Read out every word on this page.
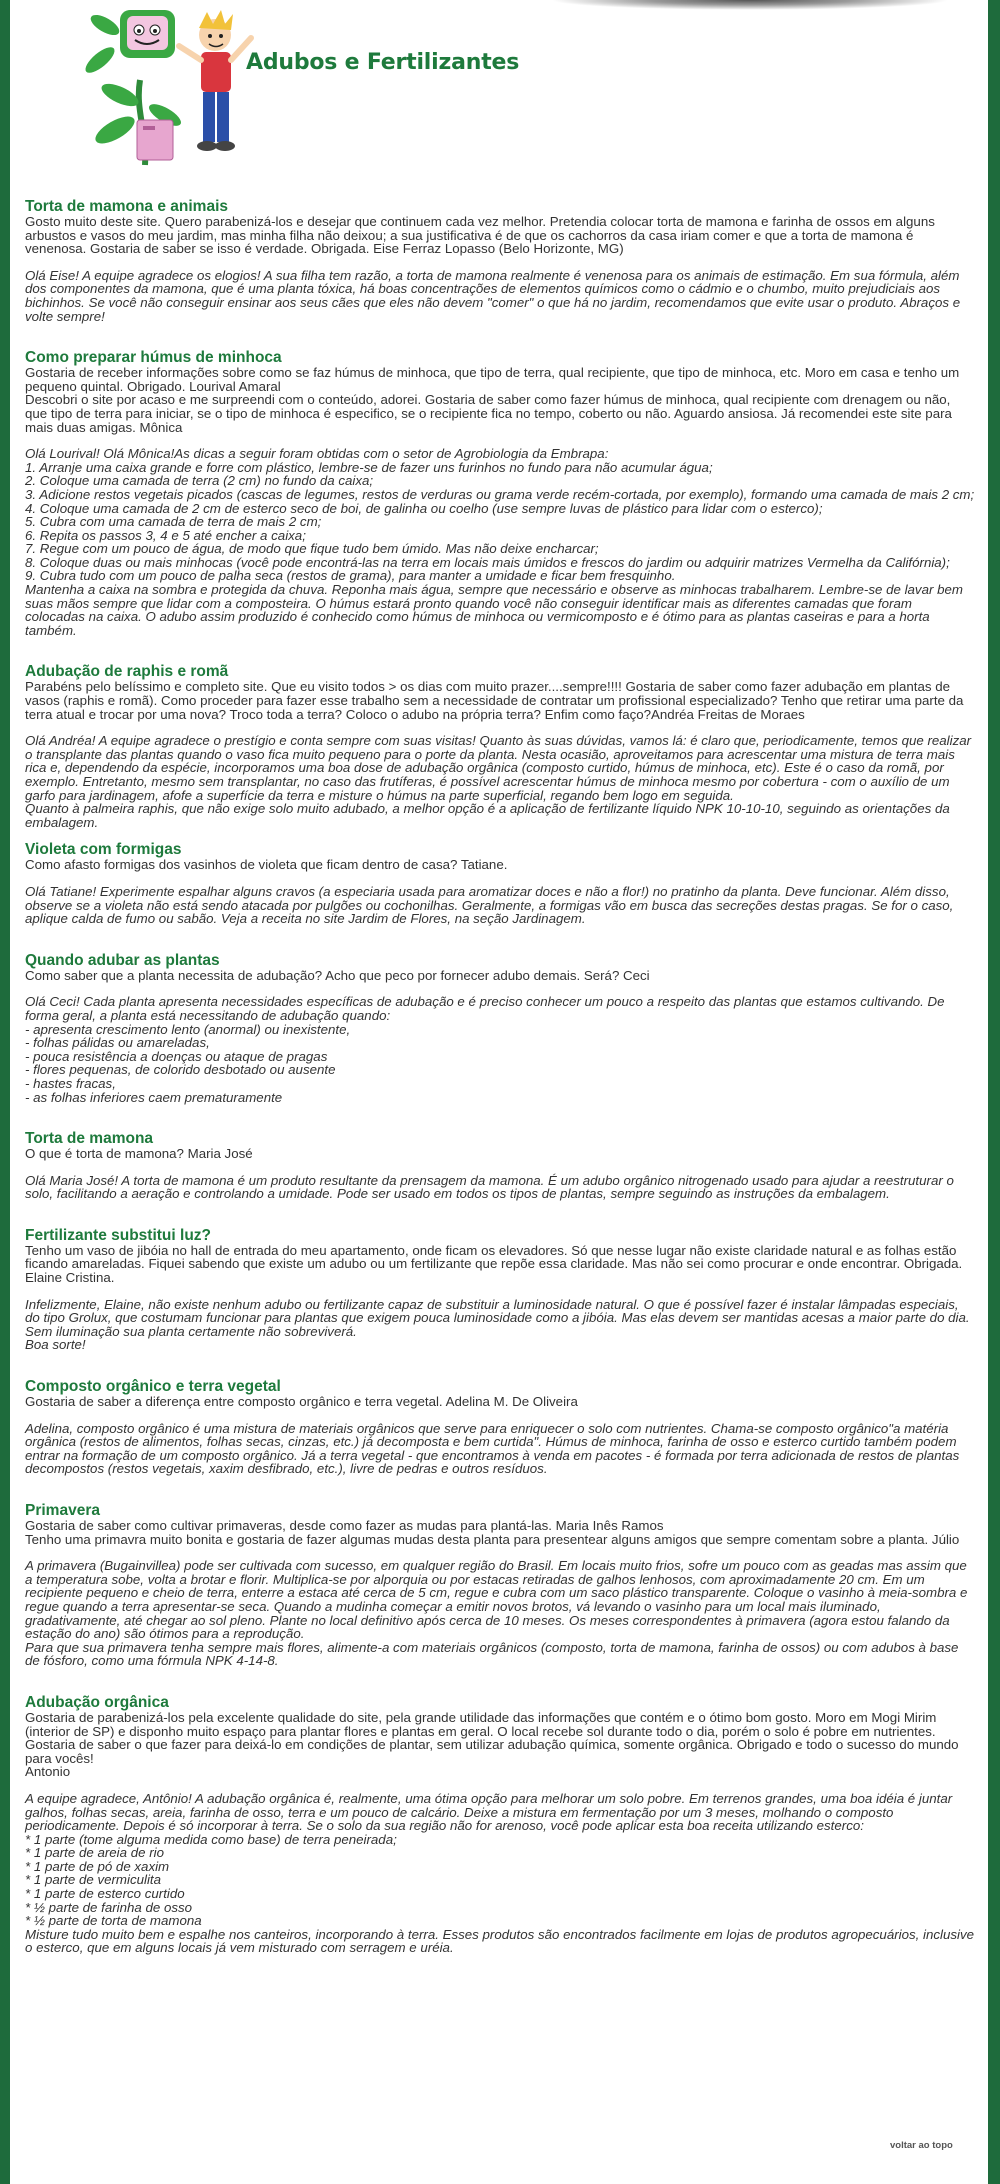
Adubos e Fertilizantes
Torta de mamona e animais

Gosto muito deste site. Quero parabenizá-los e desejar que continuem cada vez melhor. Pretendia colocar torta de mamona e farinha de ossos em alguns arbustos e vasos do meu jardim, mas minha filha não deixou; a sua justificativa é de que os cachorros da casa iriam comer e que a torta de mamona é venenosa. Gostaria de saber se isso é verdade. Obrigada. Eise Ferraz Lopasso (Belo Horizonte, MG)

Olá Eise! A equipe agradece os elogios! A sua filha tem razão, a torta de mamona realmente é venenosa para os animais de estimação. Em sua fórmula, além dos componentes da mamona, que é uma planta tóxica, há boas concentrações de elementos químicos como o cádmio e o chumbo, muito prejudiciais aos bichinhos. Se você não conseguir ensinar aos seus cães que eles não devem "comer" o que há no jardim, recomendamos que evite usar o produto. Abraços e volte sempre!

Como preparar húmus de minhoca

Gostaria de receber informações sobre como se faz húmus de minhoca, que tipo de terra, qual recipiente, que tipo de minhoca, etc. Moro em casa e tenho um pequeno quintal. Obrigado. Lourival Amaral
Descobri o site por acaso e me surpreendi com o conteúdo, adorei. Gostaria de saber como fazer húmus de minhoca, qual recipiente com drenagem ou não, que tipo de terra para iniciar, se o tipo de minhoca é especifico, se o recipiente fica no tempo, coberto ou não. Aguardo ansiosa. Já recomendei este site para mais duas amigas. Mônica

Olá Lourival! Olá Mônica!As dicas a seguir foram obtidas com o setor de Agrobiologia da Embrapa:
1. Arranje uma caixa grande e forre com plástico, lembre-se de fazer uns furinhos no fundo para não acumular água;
2. Coloque uma camada de terra (2 cm) no fundo da caixa;
3. Adicione restos vegetais picados (cascas de legumes, restos de verduras ou grama verde recém-cortada, por exemplo), formando uma camada de mais 2 cm;
4. Coloque uma camada de 2 cm de esterco seco de boi, de galinha ou coelho (use sempre luvas de plástico para lidar com o esterco);
5. Cubra com uma camada de terra de mais 2 cm;
6. Repita os passos 3, 4 e 5 até encher a caixa;
7. Regue com um pouco de água, de modo que fique tudo bem úmido. Mas não deixe encharcar;
8. Coloque duas ou mais minhocas (você pode encontrá-las na terra em locais mais úmidos e frescos do jardim ou adquirir matrizes Vermelha da Califórnia);
9. Cubra tudo com um pouco de palha seca (restos de grama), para manter a umidade e ficar bem fresquinho.
Mantenha a caixa na sombra e protegida da chuva. Reponha mais água, sempre que necessário e observe as minhocas trabalharem. Lembre-se de lavar bem suas mãos sempre que lidar com a composteira. O húmus estará pronto quando você não conseguir identificar mais as diferentes camadas que foram colocadas na caixa. O adubo assim produzido é conhecido como húmus de minhoca ou vermicomposto e é ótimo para as plantas caseiras e para a horta também.

Adubação de raphis e romã

Parabéns pelo belíssimo e completo site. Que eu visito todos > os dias com muito prazer....sempre!!!! Gostaria de saber como fazer adubação em plantas de vasos (raphis e romã). Como proceder para fazer esse trabalho sem a necessidade de contratar um profissional especializado? Tenho que retirar uma parte da terra atual e trocar por uma nova? Troco toda a terra? Coloco o adubo na própria terra? Enfim como faço?Andréa Freitas de Moraes

Olá Andréa! A equipe agradece o prestígio e conta sempre com suas visitas! Quanto às suas dúvidas, vamos lá: é claro que, periodicamente, temos que realizar o transplante das plantas quando o vaso fica muito pequeno para o porte da planta. Nesta ocasião, aproveitamos para acrescentar uma mistura de terra mais rica e, dependendo da espécie, incorporamos uma boa dose de adubação orgânica (composto curtido, húmus de minhoca, etc). Este é o caso da romã, por exemplo. Entretanto, mesmo sem transplantar, no caso das frutíferas, é possível acrescentar húmus de minhoca mesmo por cobertura - com o auxílio de um garfo para jardinagem, afofe a superfície da terra e misture o húmus na parte superficial, regando bem logo em seguida.
Quanto à palmeira raphis, que não exige solo muito adubado, a melhor opção é a aplicação de fertilizante líquido NPK 10-10-10, seguindo as orientações da embalagem.

Violeta com formigas

Como afasto formigas dos vasinhos de violeta que ficam dentro de casa? Tatiane.

Olá Tatiane! Experimente espalhar alguns cravos (a especiaria usada para aromatizar doces e não a flor!) no pratinho da planta. Deve funcionar. Além disso, observe se a violeta não está sendo atacada por pulgões ou cochonilhas. Geralmente, a formigas vão em busca das secreções destas pragas. Se for o caso, aplique calda de fumo ou sabão. Veja a receita no site Jardim de Flores, na seção Jardinagem.

Quando adubar as plantas

Como saber que a planta necessita de adubação? Acho que peco por fornecer adubo demais. Será? Ceci

Olá Ceci! Cada planta apresenta necessidades específicas de adubação e é preciso conhecer um pouco a respeito das plantas que estamos cultivando. De forma geral, a planta está necessitando de adubação quando:
- apresenta crescimento lento (anormal) ou inexistente,
- folhas pálidas ou amareladas,
- pouca resistência a doenças ou ataque de pragas
- flores pequenas, de colorido desbotado ou ausente
- hastes fracas,
- as folhas inferiores caem prematuramente

Torta de mamona

O que é torta de mamona? Maria José

Olá Maria José! A torta de mamona é um produto resultante da prensagem da mamona. É um adubo orgânico nitrogenado usado para ajudar a reestruturar o solo, facilitando a aeração e controlando a umidade. Pode ser usado em todos os tipos de plantas, sempre seguindo as instruções da embalagem.

Fertilizante substitui luz?

Tenho um vaso de jibóia no hall de entrada do meu apartamento, onde ficam os elevadores. Só que nesse lugar não existe claridade natural e as folhas estão ficando amareladas. Fiquei sabendo que existe um adubo ou um fertilizante que repõe essa claridade. Mas não sei como procurar e onde encontrar. Obrigada. Elaine Cristina.

Infelizmente, Elaine, não existe nenhum adubo ou fertilizante capaz de substituir a luminosidade natural. O que é possível fazer é instalar lâmpadas especiais, do tipo Grolux, que costumam funcionar para plantas que exigem pouca luminosidade como a jibóia. Mas elas devem ser mantidas acesas a maior parte do dia. Sem iluminação sua planta certamente não sobreviverá.
Boa sorte!

Composto orgânico e terra vegetal

Gostaria de saber a diferença entre composto orgânico e terra vegetal. Adelina M. De Oliveira

Adelina, composto orgânico é uma mistura de materiais orgânicos que serve para enriquecer o solo com nutrientes. Chama-se composto orgânico"a matéria orgânica (restos de alimentos, folhas secas, cinzas, etc.) já decomposta e bem curtida". Húmus de minhoca, farinha de osso e esterco curtido também podem entrar na formação de um composto orgânico. Já a terra vegetal - que encontramos à venda em pacotes - é formada por terra adicionada de restos de plantas decompostos (restos vegetais, xaxim desfibrado, etc.), livre de pedras e outros resíduos.

Primavera

Gostaria de saber como cultivar primaveras, desde como fazer as mudas para plantá-las. Maria Inês Ramos
Tenho uma primavra muito bonita e gostaria de fazer algumas mudas desta planta para presentear alguns amigos que sempre comentam sobre a planta. Júlio

A primavera (Bugainvillea) pode ser cultivada com sucesso, em qualquer região do Brasil. Em locais muito frios, sofre um pouco com as geadas mas assim que a temperatura sobe, volta a brotar e florir. Multiplica-se por alporquia ou por estacas retiradas de galhos lenhosos, com aproximadamente 20 cm. Em um recipiente pequeno e cheio de terra, enterre a estaca até cerca de 5 cm, regue e cubra com um saco plástico transparente. Coloque o vasinho à meia-sombra e regue quando a terra apresentar-se seca. Quando a mudinha começar a emitir novos brotos, vá levando o vasinho para um local mais iluminado, gradativamente, até chegar ao sol pleno. Plante no local definitivo após cerca de 10 meses. Os meses correspondentes à primavera (agora estou falando da estação do ano) são ótimos para a reprodução.
Para que sua primavera tenha sempre mais flores, alimente-a com materiais orgânicos (composto, torta de mamona, farinha de ossos) ou com adubos à base de fósforo, como uma fórmula NPK 4-14-8.

Adubação orgânica

Gostaria de parabenizá-los pela excelente qualidade do site, pela grande utilidade das informações que contém e o ótimo bom gosto. Moro em Mogi Mirim (interior de SP) e disponho muito espaço para plantar flores e plantas em geral. O local recebe sol durante todo o dia, porém o solo é pobre em nutrientes. Gostaria de saber o que fazer para deixá-lo em condições de plantar, sem utilizar adubação química, somente orgânica. Obrigado e todo o sucesso do mundo para vocês!
Antonio

A equipe agradece, Antônio! A adubação orgânica é, realmente, uma ótima opção para melhorar um solo pobre. Em terrenos grandes, uma boa idéia é juntar galhos, folhas secas, areia, farinha de osso, terra e um pouco de calcário. Deixe a mistura em fermentação por um 3 meses, molhando o composto periodicamente. Depois é só incorporar à terra. Se o solo da sua região não for arenoso, você pode aplicar esta boa receita utilizando esterco:
* 1 parte (tome alguma medida como base) de terra peneirada;
* 1 parte de areia de rio
* 1 parte de pó de xaxim
* 1 parte de vermiculita
* 1 parte de esterco curtido
* ½ parte de farinha de osso
* ½ parte de torta de mamona
Misture tudo muito bem e espalhe nos canteiros, incorporando à terra. Esses produtos são encontrados facilmente em lojas de produtos agropecuários, inclusive o esterco, que em alguns locais já vem misturado com serragem e uréia.

voltar ao topo
